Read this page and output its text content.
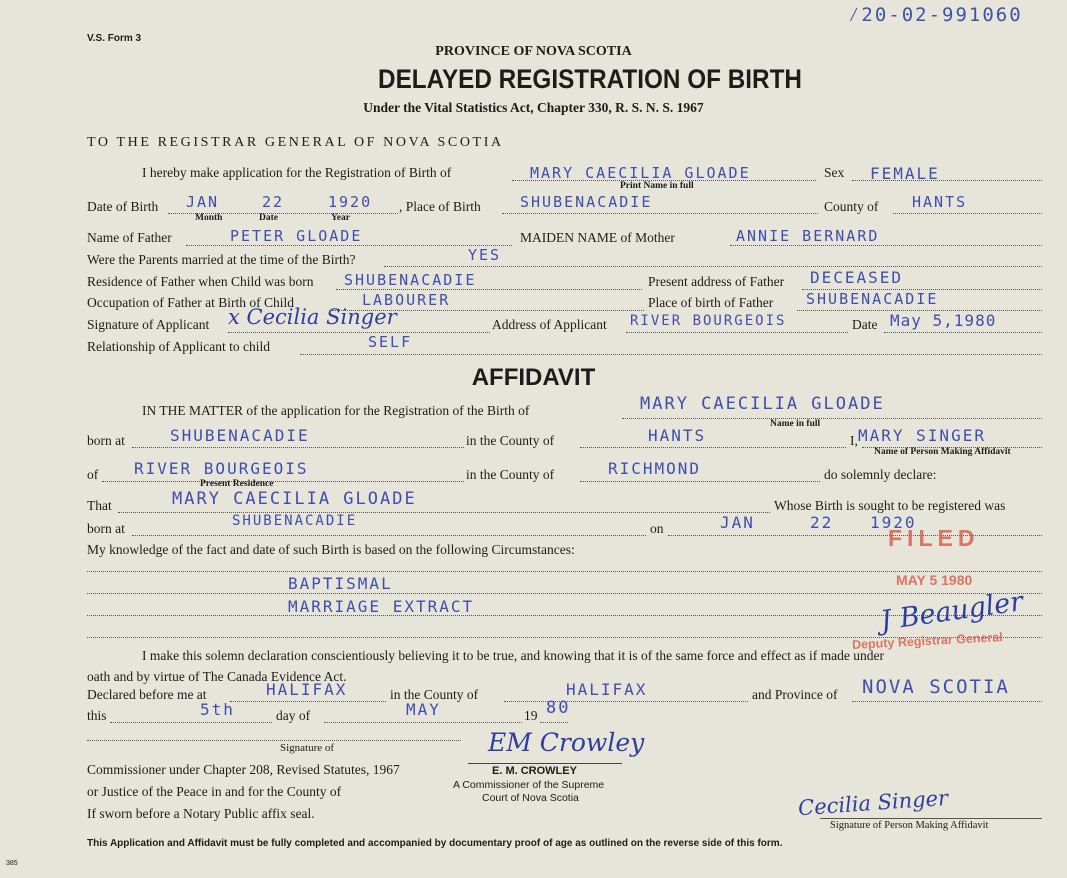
⁄20-02-991060
V.S. Form 3
PROVINCE OF NOVA SCOTIA
DELAYED REGISTRATION OF BIRTH
Under the Vital Statistics Act, Chapter 330, R. S. N. S. 1967
TO THE REGISTRAR GENERAL OF NOVA SCOTIA
I hereby make application for the Registration of Birth of	MARY CAECILIA GLOADE
Print Name in full
Sex FEMALE
Date of Birth JAN	22	1920
Month	Date	Year
, Place of Birth	SHUBENACADIE	County of HANTS
Name of Father	PETER GLOADE	MAIDEN NAME of Mother	ANNIE BERNARD
Were the Parents married at the time of the Birth?	YES
Residence of Father when Child was born SHUBENACADIE	Present address of Father DECEASED
Occupation of Father at Birth of Child	LABOURER	Place of birth of Father SHUBENACADIE
Signature of Applicant x Cecilia Singer	Address of Applicant RIVER BOURGEOIS	Date May 5,1980
Relationship of Applicant to child	SELF
AFFIDAVIT
IN THE MATTER of the application for the Registration of the Birth of	MARY CAECILIA GLOADE
Name in full
born at	SHUBENACADIE	in the County of	HANTS	I, MARY SINGER
Name of Person Making Affidavit
of RIVER BOURGEOIS
Present Residence
in the County of	RICHMOND	do solemnly declare:
That	MARY CAECILIA GLOADE	Whose Birth is sought to be registered was
born at	SHUBENACADIE	on	JAN	22 1920
My knowledge of the fact and date of such Birth is based on the following Circumstances:
BAPTISMAL
MARRIAGE EXTRACT
FILED
MAY 5 1980
J Beaugler
Deputy Registrar General
I make this solemn declaration conscientiously believing it to be true, and knowing that it is of the same force and effect as if made under
oath and by virtue of The Canada Evidence Act.
Declared before me at	HALIFAX	in the County of	HALIFAX	and Province of NOVA SCOTIA
this	5th	day of	MAY	19 80
Signature of
Commissioner under Chapter 208, Revised Statutes, 1967
or Justice of the Peace in and for the County of
If sworn before a Notary Public affix seal.
EM Crowley
E. M. CROWLEY
A Commissioner of the Supreme
Court of Nova Scotia	Cecilia Singer
Signature of Person Making Affidavit
This Application and Affidavit must be fully completed and accompanied by documentary proof of age as outlined on the reverse side of this form.
385
